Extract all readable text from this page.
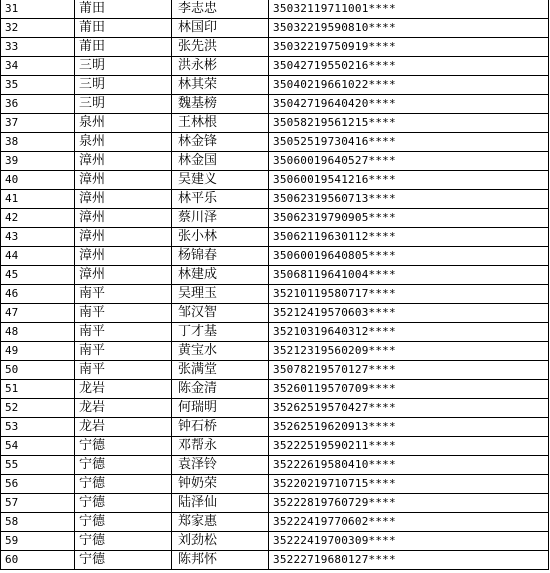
31	莆田	李志忠	35032119711001****
32	莆田	林国印	35032219590810****
33	莆田	张先洪	35032219750919****
34	三明	洪永彬	35042719550216****
35	三明	林其荣	35040219661022****
36	三明	魏基榜	35042719640420****
37	泉州	王林根	35058219561215****
38	泉州	林金锋	35052519730416****
39	漳州	林金国	35060019640527****
40	漳州	吴建义	35060019541216****
41	漳州	林平乐	35062319560713****
42	漳州	蔡川泽	35062319790905****
43	漳州	张小林	35062119630112****
44	漳州	杨锦春	35060019640805****
45	漳州	林建成	35068119641004****
46	南平	吴理玉	35210119580717****
47	南平	邹汉智	35212419570603****
48	南平	丁才基	35210319640312****
49	南平	黄宝水	35212319560209****
50	南平	张满堂	35078219570127****
51	龙岩	陈金清	35260119570709****
52	龙岩	何瑞明	35262519570427****
53	龙岩	钟石桥	35262519620913****
54	宁德	邓帮永	35222519590211****
55	宁德	袁泽铃	35222619580410****
56	宁德	钟奶荣	35220219710715****
57	宁德	陆泽仙	35222819760729****
58	宁德	郑家惠	35222419770602****
59	宁德	刘劲松	35222419700309****
60	宁德	陈邦怀	35222719680127****
